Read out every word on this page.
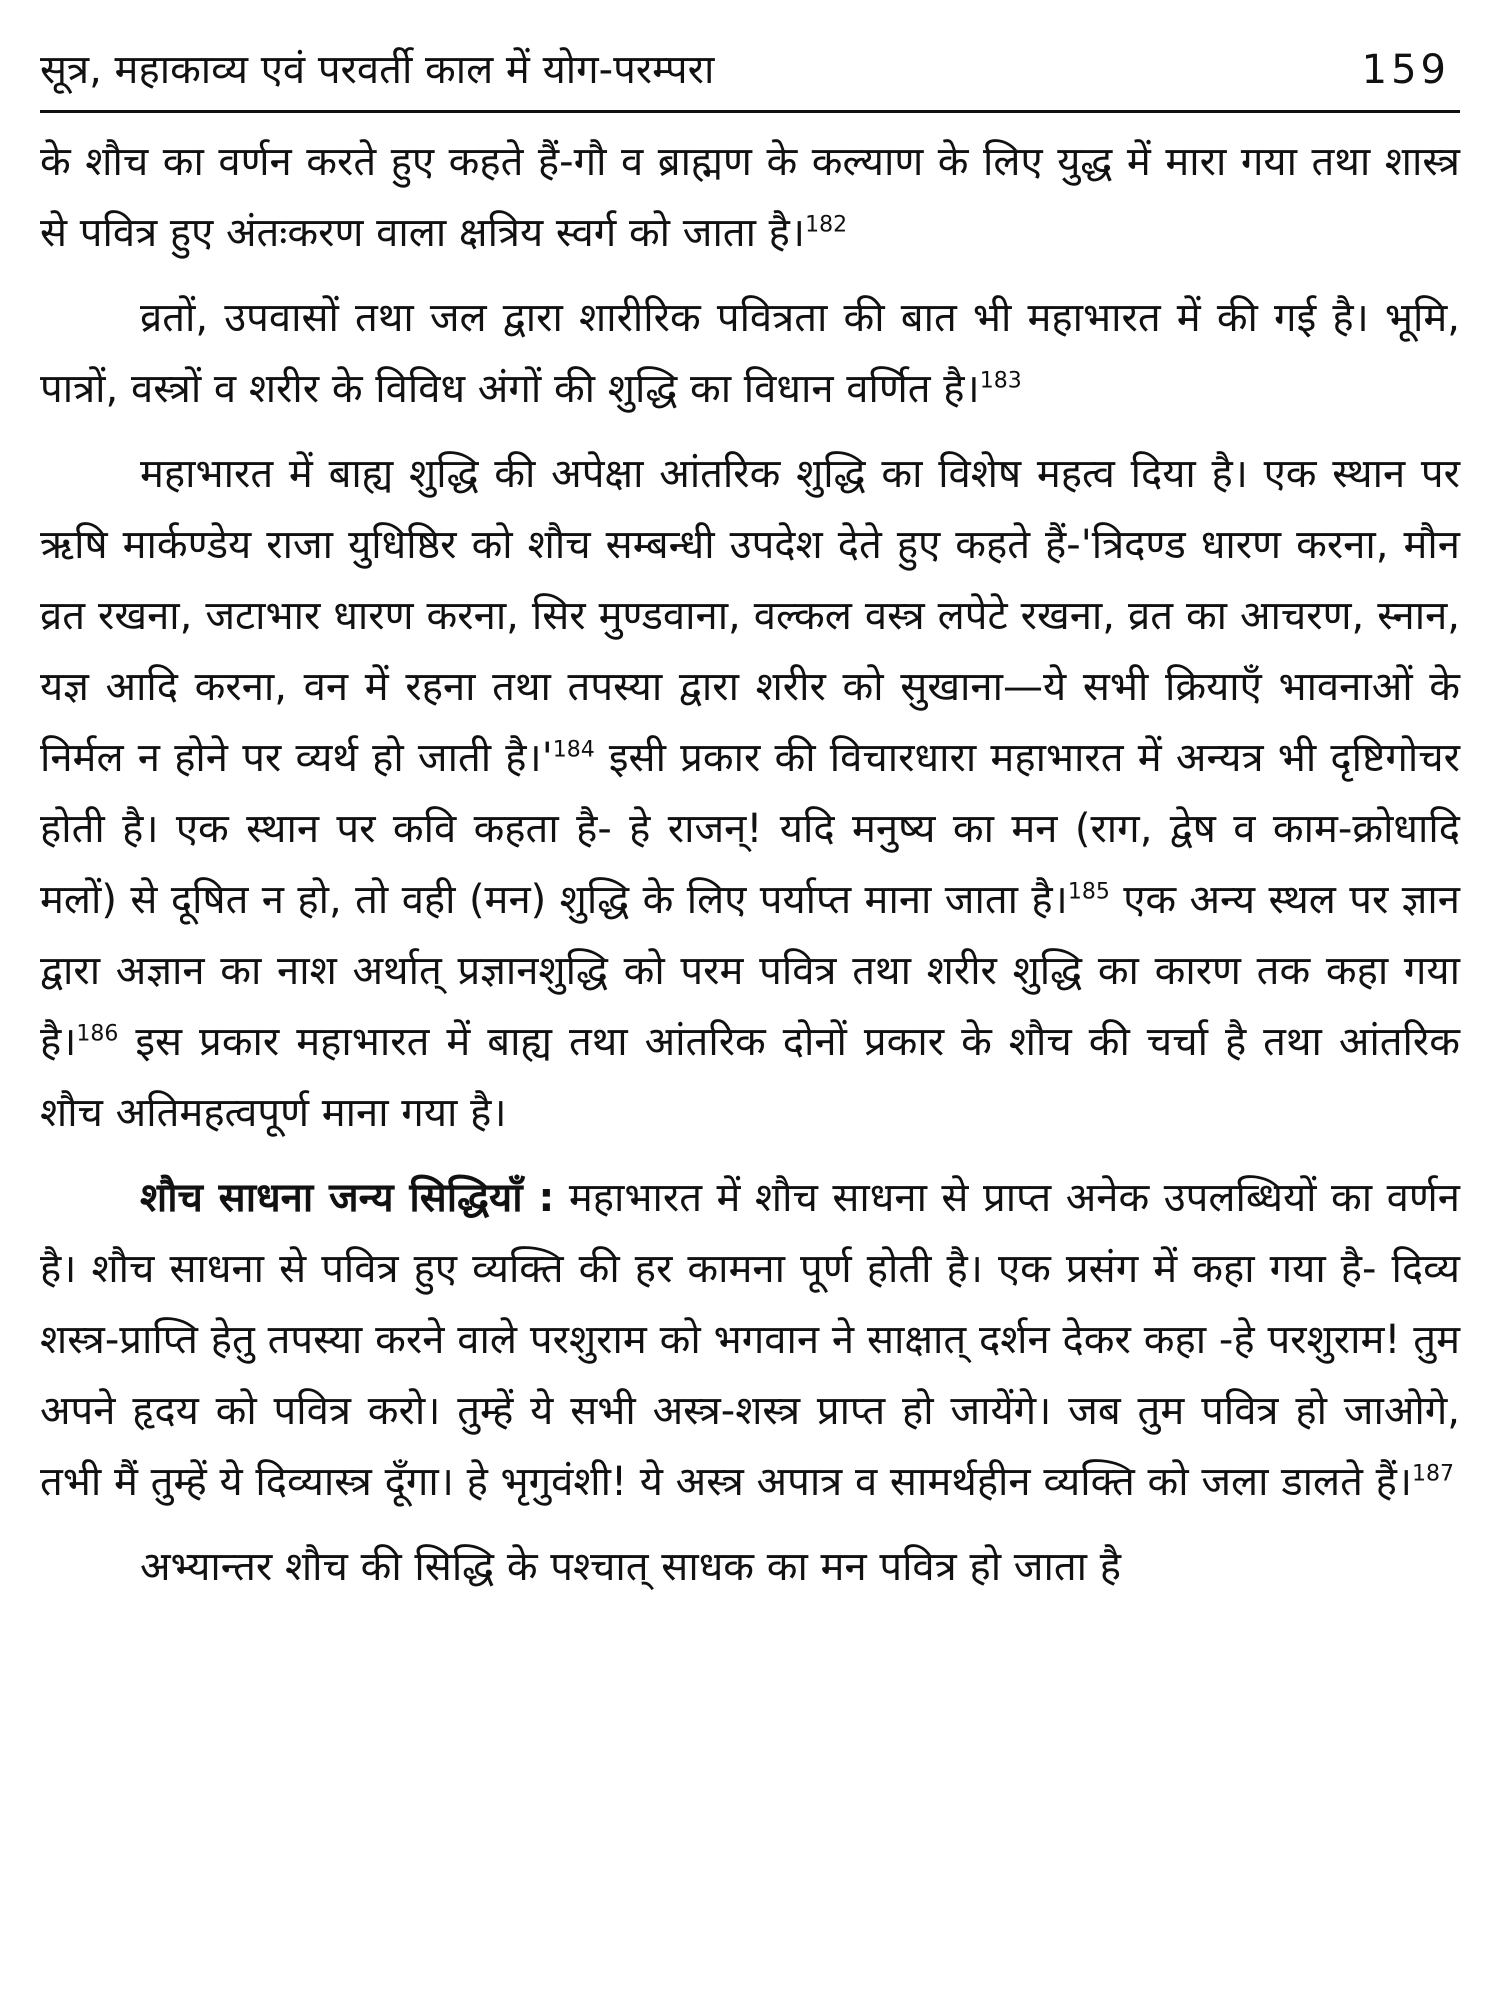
सूत्र, महाकाव्य एवं परवर्ती काल में योग-परम्परा	159

के शौच का वर्णन करते हुए कहते हैं-गौ व ब्राह्मण के कल्याण के लिए युद्ध में मारा गया तथा शास्त्र से पवित्र हुए अंतःकरण वाला क्षत्रिय स्वर्ग को जाता है।$^{182}$

व्रतों, उपवासों तथा जल द्वारा शारीरिक पवित्रता की बात भी महाभारत में की गई है। भूमि, पात्रों, वस्त्रों व शरीर के विविध अंगों की शुद्धि का विधान वर्णित है।$^{183}$

महाभारत में बाह्य शुद्धि की अपेक्षा आंतरिक शुद्धि का विशेष महत्व दिया है। एक स्थान पर ऋषि मार्कण्डेय राजा युधिष्ठिर को शौच सम्बन्धी उपदेश देते हुए कहते हैं-'त्रिदण्ड धारण करना, मौन व्रत रखना, जटाभार धारण करना, सिर मुण्डवाना, वल्कल वस्त्र लपेटे रखना, व्रत का आचरण, स्नान, यज्ञ आदि करना, वन में रहना तथा तपस्या द्वारा शरीर को सुखाना—ये सभी क्रियाएँ भावनाओं के निर्मल न होने पर व्यर्थ हो जाती $है।'^{184}$ इसी प्रकार की विचारधारा महाभारत में अन्यत्र भी दृष्टिगोचर होती है। एक स्थान पर कवि कहता है- हे राजन्! यदि मनुष्य का मन (राग, द्वेष व काम-क्रोधादि मलों) से दूषित न हो, तो वही (मन) शुद्धि के लिए पर्याप्त माना जाता है।$^{185}$ एक अन्य स्थल पर ज्ञान द्वारा अज्ञान का नाश अर्थात् प्रज्ञानशुद्धि को परम पवित्र तथा शरीर शुद्धि का कारण तक कहा गया है।$^{186}$ इस प्रकार महाभारत में बाह्य तथा आंतरिक दोनों प्रकार के शौच की चर्चा है तथा आंतरिक शौच अतिमहत्वपूर्ण माना गया है।

शौच साधना जन्य सिद्धियाँ : महाभारत में शौच साधना से प्राप्त अनेक उपलब्धियों का वर्णन है। शौच साधना से पवित्र हुए व्यक्ति की हर कामना पूर्ण होती है। एक प्रसंग में कहा गया है- दिव्य शस्त्र-प्राप्ति हेतु तपस्या करने वाले परशुराम को भगवान ने साक्षात् दर्शन देकर कहा -हे परशुराम! तुम अपने हृदय को पवित्र करो। तुम्हें ये सभी अस्त्र-शस्त्र प्राप्त हो जायेंगे। जब तुम पवित्र हो जाओगे, तभी मैं तुम्हें ये दिव्यास्त्र दूँगा। हे भृगुवंशी! ये अस्त्र अपात्र व सामर्थहीन व्यक्ति को जला डालते हैं।$^{187}$

अभ्यान्तर शौच की सिद्धि के पश्चात् साधक का मन पवित्र हो जाता है
